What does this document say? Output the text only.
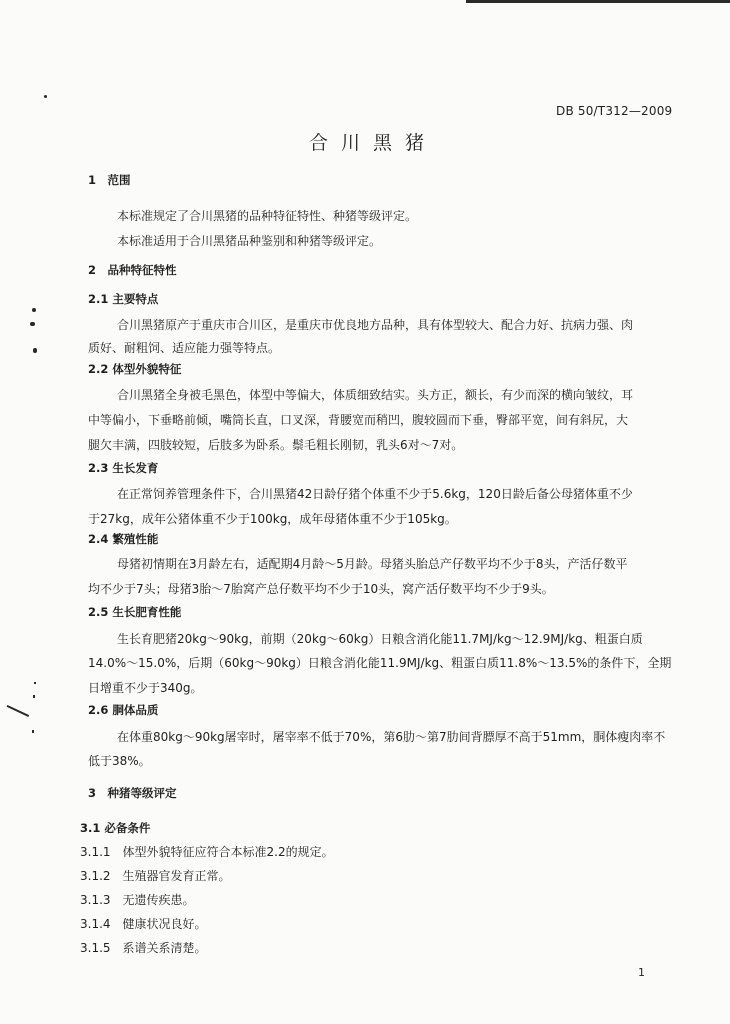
DB 50/T312—2009
合川黑猪
1　范围
本标准规定了合川黑猪的品种特征特性、种猪等级评定。
本标准适用于合川黑猪品种鉴别和种猪等级评定。
2　品种特征特性
2.1 主要特点
合川黑猪原产于重庆市合川区，是重庆市优良地方品种，具有体型较大、配合力好、抗病力强、肉
质好、耐粗饲、适应能力强等特点。
2.2 体型外貌特征
合川黑猪全身被毛黑色，体型中等偏大，体质细致结实。头方正，额长，有少而深的横向皱纹，耳
中等偏小，下垂略前倾，嘴筒长直，口叉深，背腰宽而稍凹，腹较圆而下垂，臀部平宽，间有斜尻，大
腿欠丰满，四肢较短，后肢多为卧系。鬃毛粗长刚韧，乳头6对～7对。
2.3 生长发育
在正常饲养管理条件下，合川黑猪42日龄仔猪个体重不少于5.6kg，120日龄后备公母猪体重不少
于27kg，成年公猪体重不少于100kg，成年母猪体重不少于105kg。
2.4 繁殖性能
母猪初情期在3月龄左右，适配期4月龄～5月龄。母猪头胎总产仔数平均不少于8头，产活仔数平
均不少于7头；母猪3胎～7胎窝产总仔数平均不少于10头，窝产活仔数平均不少于9头。
2.5 生长肥育性能
生长育肥猪20kg～90kg，前期（20kg～60kg）日粮含消化能11.7MJ/kg～12.9MJ/kg、粗蛋白质
14.0%～15.0%，后期（60kg～90kg）日粮含消化能11.9MJ/kg、粗蛋白质11.8%～13.5%的条件下，全期
日增重不少于340g。
2.6 胴体品质
在体重80kg～90kg屠宰时，屠宰率不低于70%，第6肋～第7肋间背膘厚不高于51mm，胴体瘦肉率不
低于38%。
3　种猪等级评定
3.1 必备条件
3.1.1　体型外貌特征应符合本标准2.2的规定。
3.1.2　生殖器官发育正常。
3.1.3　无遗传疾患。
3.1.4　健康状况良好。
3.1.5　系谱关系清楚。
1
